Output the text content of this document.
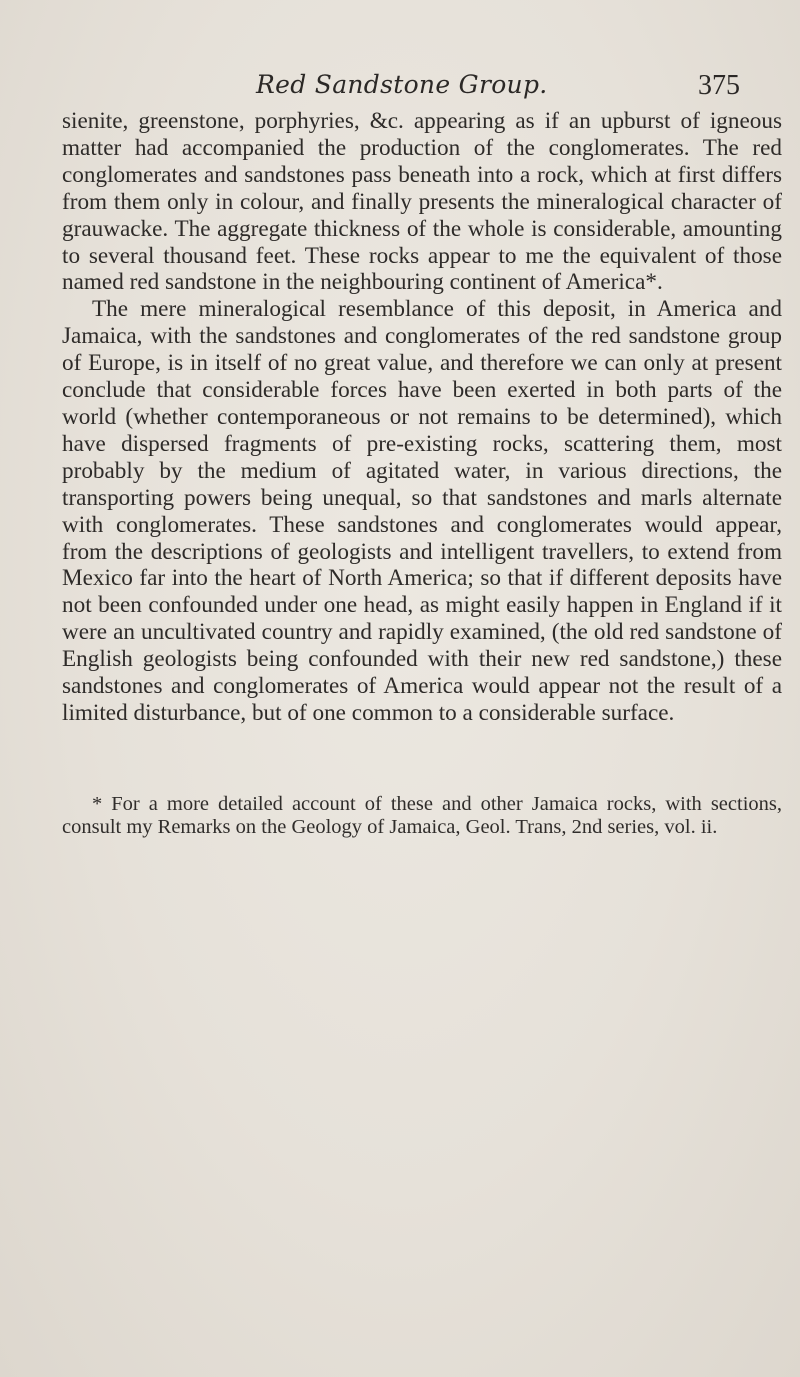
Red Sandstone Group.	375

sienite, greenstone, porphyries, &c. appearing as if an upburst of igneous matter had accompanied the production of the conglomerates. The red conglomerates and sandstones pass beneath into a rock, which at first differs from them only in colour, and finally presents the mineralogical character of grauwacke. The aggregate thickness of the whole is considerable, amounting to several thousand feet. These rocks appear to me the equivalent of those named red sandstone in the neighbouring continent of America*.

The mere mineralogical resemblance of this deposit, in America and Jamaica, with the sandstones and conglomerates of the red sandstone group of Europe, is in itself of no great value, and therefore we can only at present conclude that considerable forces have been exerted in both parts of the world (whether contemporaneous or not remains to be determined), which have dispersed fragments of pre-existing rocks, scattering them, most probably by the medium of agitated water, in various directions, the transporting powers being unequal, so that sandstones and marls alternate with conglomerates. These sandstones and conglomerates would appear, from the descriptions of geologists and intelligent travellers, to extend from Mexico far into the heart of North America; so that if different deposits have not been confounded under one head, as might easily happen in England if it were an uncultivated country and rapidly examined, (the old red sandstone of English geologists being confounded with their new red sandstone,) these sandstones and conglomerates of America would appear not the result of a limited disturbance, but of one common to a considerable surface.

* For a more detailed account of these and other Jamaica rocks, with sections, consult my Remarks on the Geology of Jamaica, Geol. Trans, 2nd series, vol. ii.
